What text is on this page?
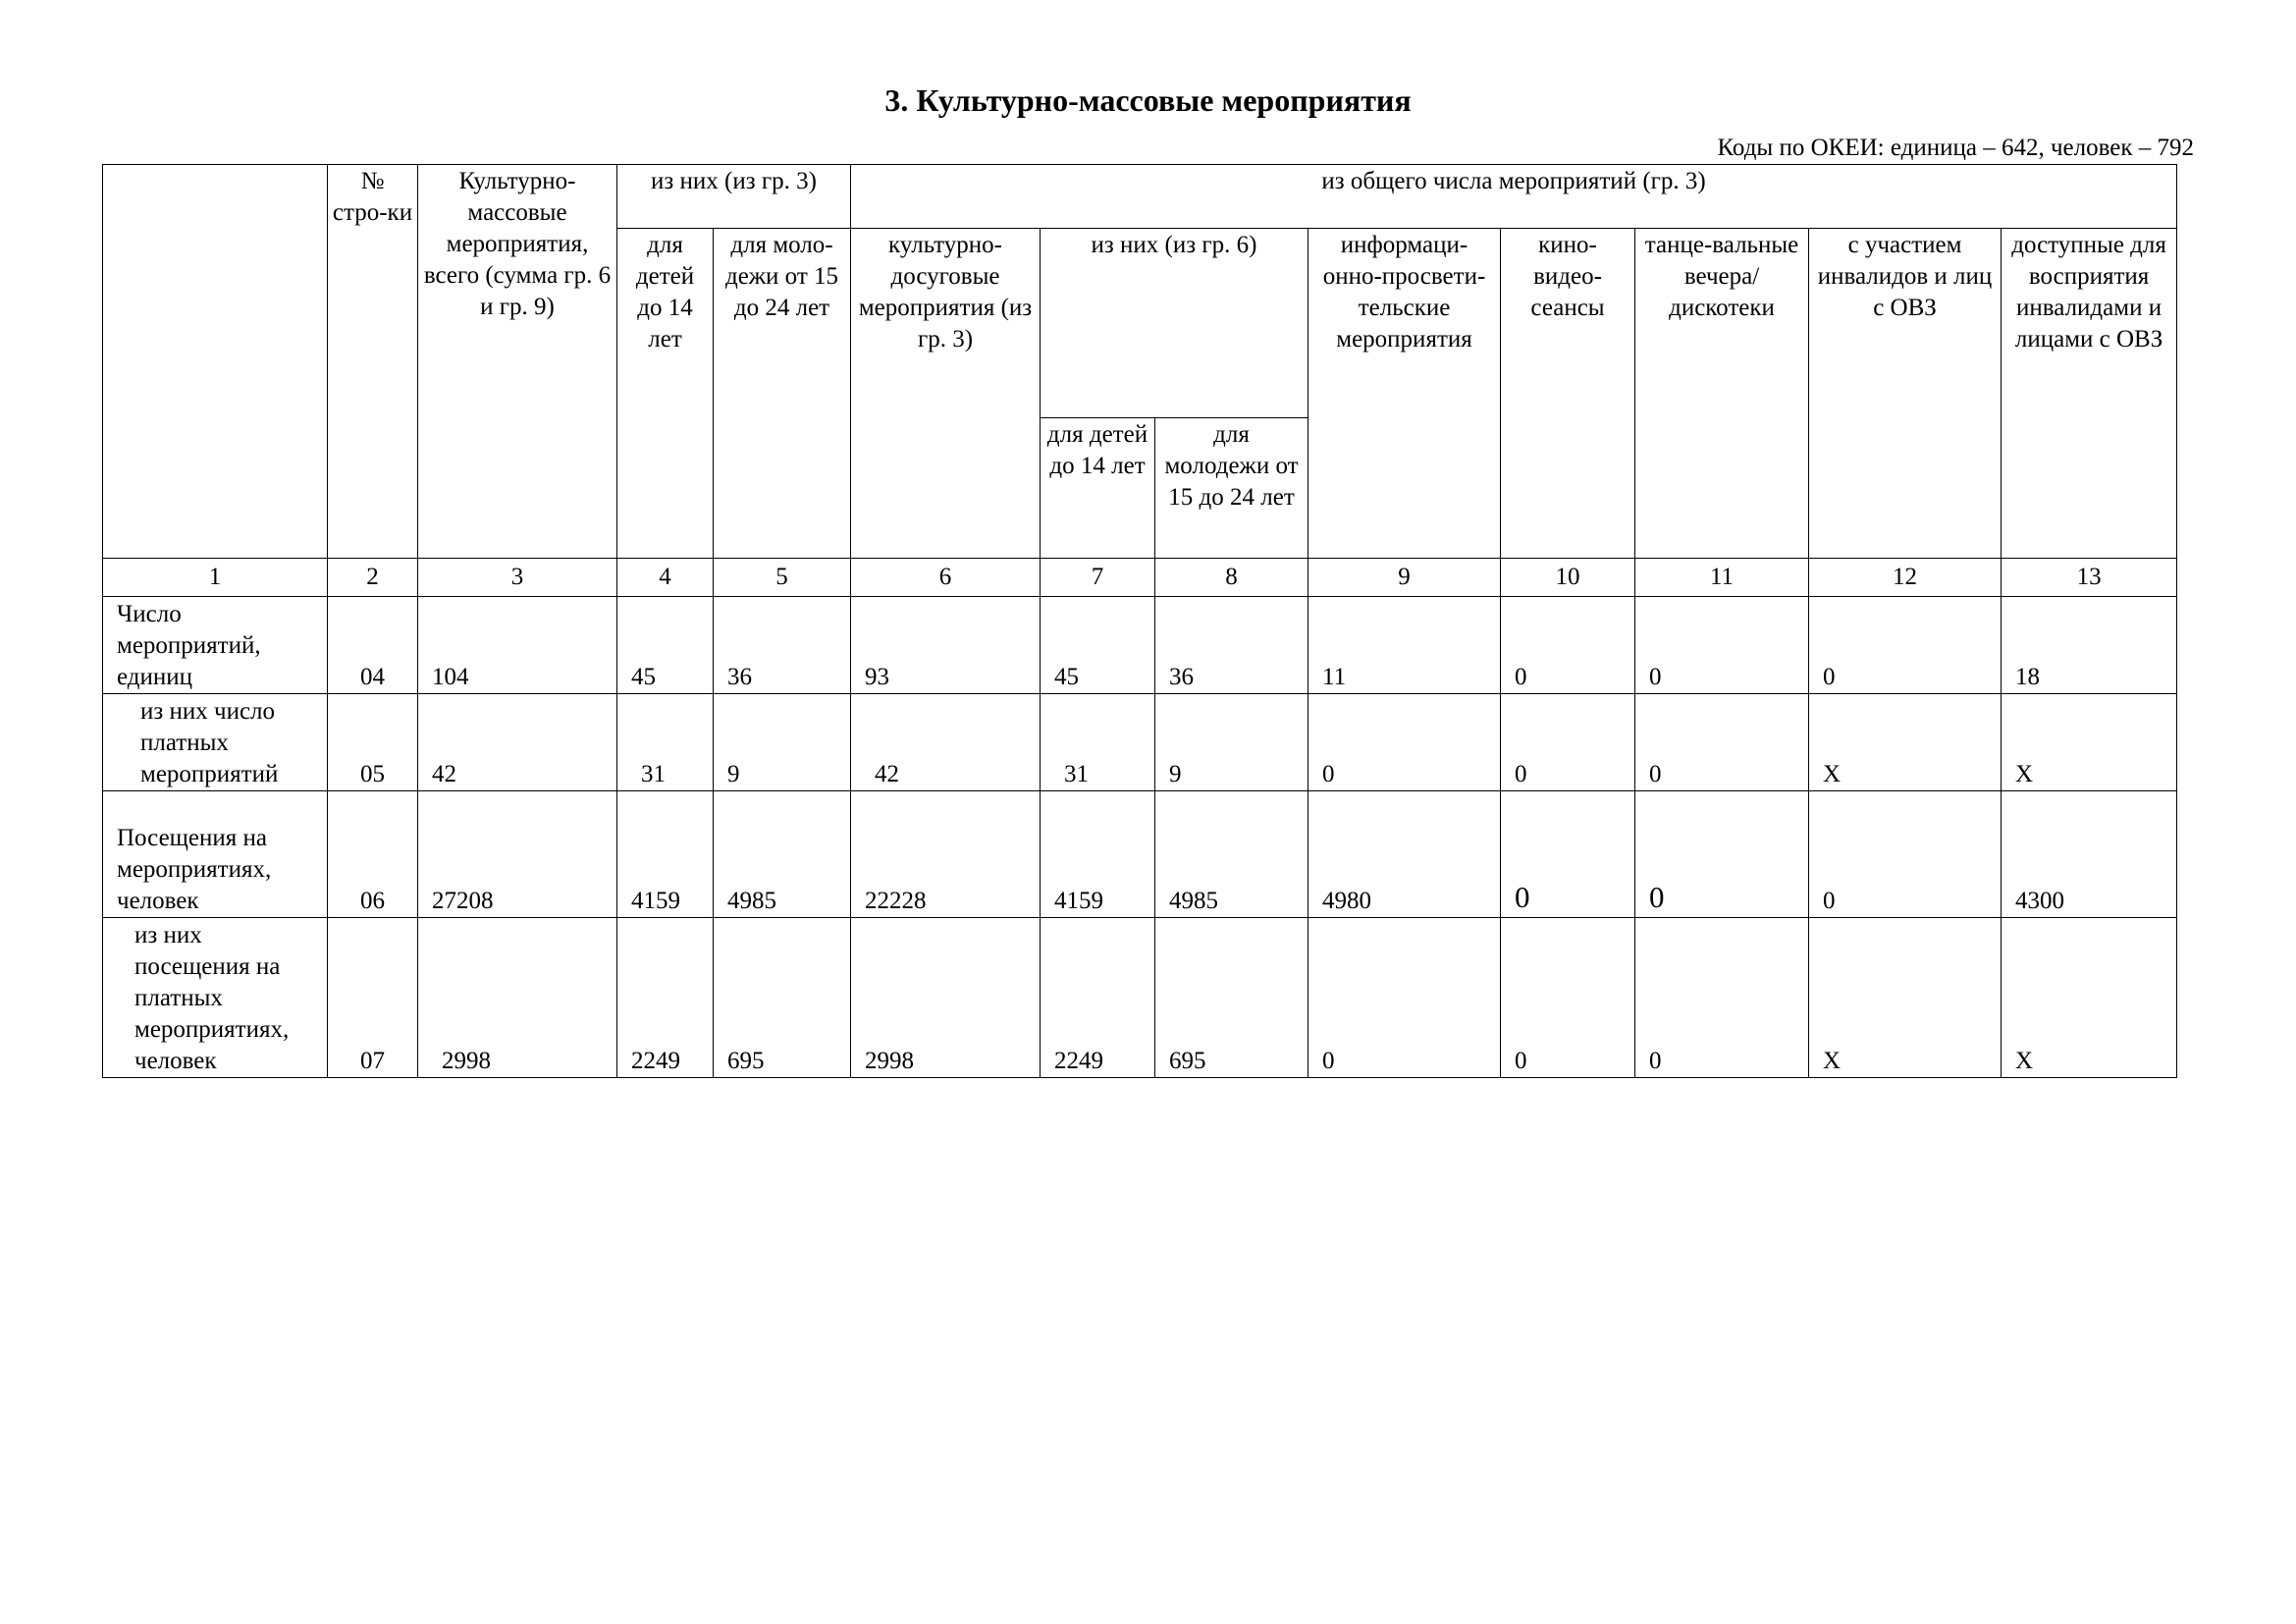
3. Культурно-массовые мероприятия
Коды по ОКЕИ: единица – 642, человек – 792
	№ стро-ки	Культурно-массовые мероприятия, всего (сумма гр. 6 и гр. 9)	из них (из гр. 3)		из общего числа мероприятий (гр. 3)							
			для детей до 14 лет	для моло-дежи от 15 до 24 лет	культурно-досуговые мероприятия (из гр. 3)	из них (из гр. 6)		информаци-онно-просвети-тельские мероприятия	кино-видео-сеансы	танце-вальные вечера/ дискотеки	с участием инвалидов и лиц с ОВЗ	доступные для восприятия инвалидами и лицами с ОВЗ
						для детей до 14 лет	для молодежи от 15 до 24 лет					
1	2	3	4	5	6	7	8	9	10	11	12	13
Число мероприятий, единиц	04	104	45	36	93	45	36	11	0	0	0	18
из них число платных мероприятий	05	42	31	9	42	31	9	0	0	0	X	X
Посещения на мероприятиях, человек	06	27208	4159	4985	22228	4159	4985	4980	0	0	0	4300
из них посещения на платных мероприятиях, человек	07	2998	2249	695	2998	2249	695	0	0	0	X	X
